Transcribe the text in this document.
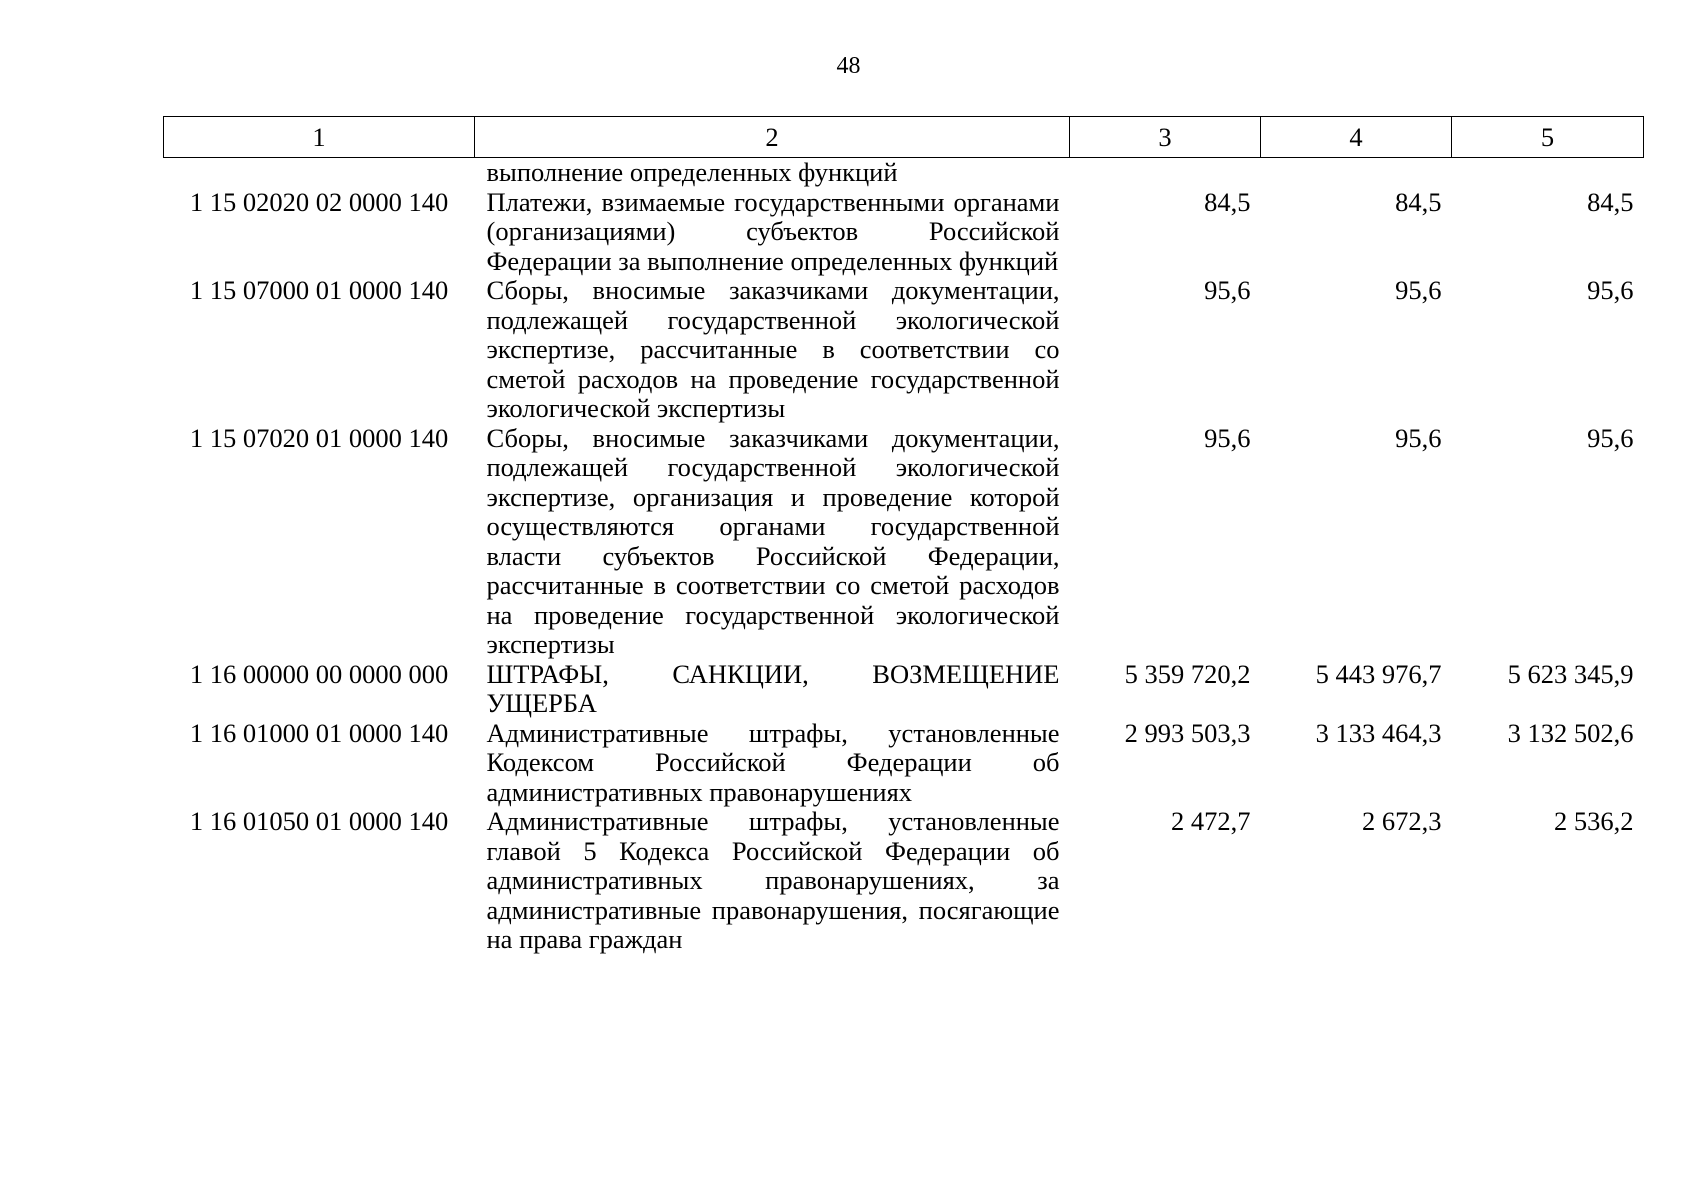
48
1	2	3	4	5
	выполнение определенных функций			
1 15 02020 02 0000 140	Платежи, взимаемые государственными органами (организациями) субъектов Российской Федерации за выполнение определенных функций	84,5	84,5	84,5
1 15 07000 01 0000 140	Сборы, вносимые заказчиками документации, подлежащей государственной экологической экспертизе, рассчитанные в соответствии со сметой расходов на проведение государственной экологической экспертизы	95,6	95,6	95,6
1 15 07020 01 0000 140	Сборы, вносимые заказчиками документации, подлежащей государственной экологической экспертизе, организация и проведение которой осуществляются органами государственной власти субъектов Российской Федерации, рассчитанные в соответствии со сметой расходов на проведение государственной экологической экспертизы	95,6	95,6	95,6
1 16 00000 00 0000 000	ШТРАФЫ, САНКЦИИ, ВОЗМЕЩЕНИЕ УЩЕРБА	5 359 720,2	5 443 976,7	5 623 345,9
1 16 01000 01 0000 140	Административные штрафы, установленные Кодексом Российской Федерации об административных правонарушениях	2 993 503,3	3 133 464,3	3 132 502,6
1 16 01050 01 0000 140	Административные штрафы, установленные главой 5 Кодекса Российской Федерации об административных правонарушениях, за административные правонарушения, посягающие на права граждан	2 472,7	2 672,3	2 536,2
